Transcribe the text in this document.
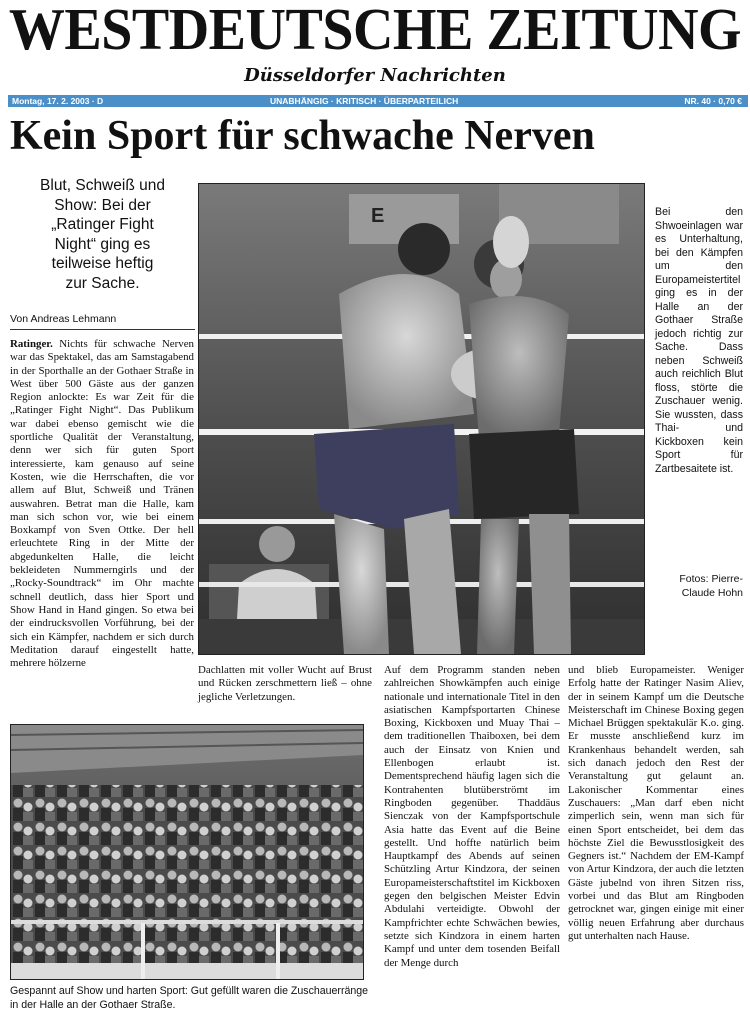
WESTDEUTSCHE ZEITUNG
Düsseldorfer Nachrichten
Montag, 17. 2. 2003 · D	UNABHÄNGIG · KRITISCH · ÜBERPARTEILICH	NR. 40 · 0,70 €
Kein Sport für schwache Nerven
Blut, Schweiß und Show: Bei der „Ratinger Fight Night“ ging es teilweise heftig zur Sache.
Von Andreas Lehmann
Ratinger. Nichts für schwache Nerven war das Spektakel, das am Samstagabend in der Sporthalle an der Gothaer Straße in West über 500 Gäste aus der ganzen Region anlockte: Es war Zeit für die „Ratinger Fight Night“. Das Publikum war dabei ebenso gemischt wie die sportliche Qualität der Veranstaltung, denn wer sich für guten Sport interessierte, kam genauso auf seine Kosten, wie die Herrschaften, die vor allem auf Blut, Schweiß und Tränen auswahren. Betrat man die Halle, kam man sich schon vor, wie bei einem Boxkampf von Sven Ottke. Der hell erleuchtete Ring in der Mitte der abgedunkelten Halle, die leicht bekleideten Nummerngirls und der „Rocky-Soundtrack“ im Ohr machte schnell deutlich, dass hier Sport und Show Hand in Hand gingen. So etwa bei der eindrucksvollen Vorführung, bei der sich ein Kämpfer, nachdem er sich durch Meditation darauf eingestellt hatte, mehrere hölzerne
E	Bei den Shwoeinlagen war es Unterhaltung, bei den Kämpfen um den Europameistertitel ging es in der Halle an der Gothaer Straße jedoch richtig zur Sache. Dass neben Schweiß auch reichlich Blut floss, störte die Zuschauer wenig. Sie wussten, dass Thai- und Kickboxen kein Sport für Zartbesaitete ist.
Fotos: Pierre-Claude Hohn
Dachlatten mit voller Wucht auf Brust und Rücken zerschmettern ließ – ohne jegliche Verletzungen.
Gespannt auf Show und harten Sport: Gut gefüllt waren die Zuschauerränge in der Halle an der Gothaer Straße.
Auf dem Programm standen neben zahlreichen Showkämpfen auch einige nationale und internationale Titel in den asiatischen Kampfsportarten Chinese Boxing, Kickboxen und Muay Thai – dem traditionellen Thaiboxen, bei dem auch der Einsatz von Knien und Ellenbogen erlaubt ist. Dementsprechend häufig lagen sich die Kontrahenten blutüberströmt im Ringboden gegenüber. Thaddäus Sienczak von der Kampfsportschule Asia hatte das Event auf die Beine gestellt. Und hoffte natürlich beim Hauptkampf des Abends auf seinen Schützling Artur Kindzora, der seinen Europameisterschaftstitel im Kickboxen gegen den belgischen Meister Edvin Abdulahi verteidigte. Obwohl der Kampfrichter echte Schwächen bewies, setzte sich Kindzora in einem harten Kampf und unter dem tosenden Beifall der Menge durch
und blieb Europameister. Weniger Erfolg hatte der Ratinger Nasim Aliev, der in seinem Kampf um die Deutsche Meisterschaft im Chinese Boxing gegen Michael Brüggen spektakulär K.o. ging. Er musste anschließend kurz im Krankenhaus behandelt werden, sah sich danach jedoch den Rest der Veranstaltung gut gelaunt an. Lakonischer Kommentar eines Zuschauers: „Man darf eben nicht zimperlich sein, wenn man sich für einen Sport entscheidet, bei dem das höchste Ziel die Bewusstlosigkeit des Gegners ist.“ Nachdem der EM-Kampf von Artur Kindzora, der auch die letzten Gäste jubelnd von ihren Sitzen riss, vorbei und das Blut am Ringboden getrocknet war, gingen einige mit einer völlig neuen Erfahrung aber durchaus gut unterhalten nach Hause.
